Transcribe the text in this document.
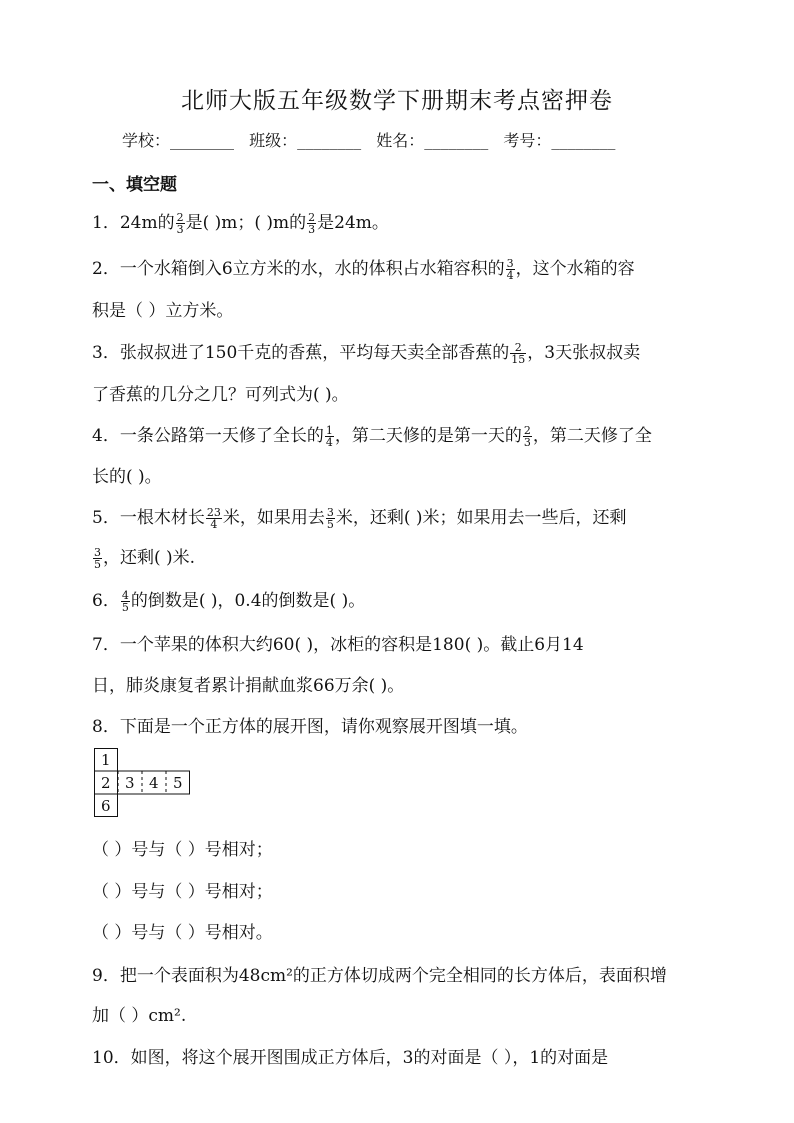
北师大版五年级数学下册期末考点密押卷
学校：________ 班级：________ 姓名：________ 考号：________
一、填空题
1．24m的 $\frac{2}{3}$ 是( )m；( )m的 $\frac{2}{3}$ 是24m。
2．一个水箱倒入6立方米的水，水的体积占水箱容积的 $\frac{3}{4}$ ，这个水箱的容
积是（ ）立方米。
3．张叔叔进了150千克的香蕉，平均每天卖全部香蕉的 $\frac{2}{15}$ ，3天张叔叔卖
了香蕉的几分之几？可列式为( )。
4．一条公路第一天修了全长的 $\frac{1}{4}$ ，第二天修的是第一天的 $\frac{2}{3}$ ，第二天修了全
长的( )。
5．一根木材长 $\frac{23}{4}$ 米，如果用去 $\frac{3}{5}$ 米，还剩( )米；如果用去一些后，还剩
$\frac{3}{5}$ ，还剩( )米.
6． $\frac{4}{5}$ 的倒数是( )，0.4的倒数是( )。
7．一个苹果的体积大约60( )，冰柜的容积是180( )。截止6月14
日，肺炎康复者累计捐献血浆66万余( )。
8．下面是一个正方体的展开图，请你观察展开图填一填。
1
2 3 4 5
6
（ ）号与（ ）号相对；
（ ）号与（ ）号相对；
（ ）号与（ ）号相对。
9．把一个表面积为48cm²的正方体切成两个完全相同的长方体后，表面积增
加（ ）cm².
10．如图，将这个展开图围成正方体后，3的对面是（ ），1的对面是
